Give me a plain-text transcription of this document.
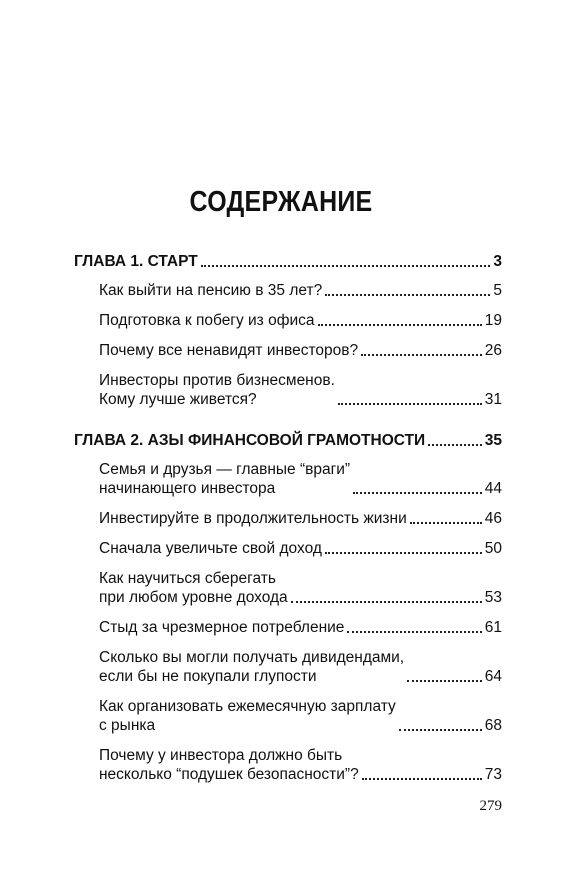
СОДЕРЖАНИЕ
ГЛАВА 1. СТАРТ	3
Как выйти на пенсию в 35 лет?	5
Подготовка к побегу из офиса	19
Почему все ненавидят инвесторов?	26
Инвесторы против бизнесменов.
Кому лучше живется?	31
ГЛАВА 2. АЗЫ ФИНАНСОВОЙ ГРАМОТНОСТИ	35
Семья и друзья — главные “враги”
начинающего инвестора	44
Инвестируйте в продолжительность жизни	46
Сначала увеличьте свой доход	50
Как научиться сберегать
при любом уровне дохода	53
Стыд за чрезмерное потребление	61
Сколько вы могли получать дивидендами,
если бы не покупали глупости	64
Как организовать ежемесячную зарплату
с рынка	68
Почему у инвестора должно быть
несколько “подушек безопасности”?	73
279
